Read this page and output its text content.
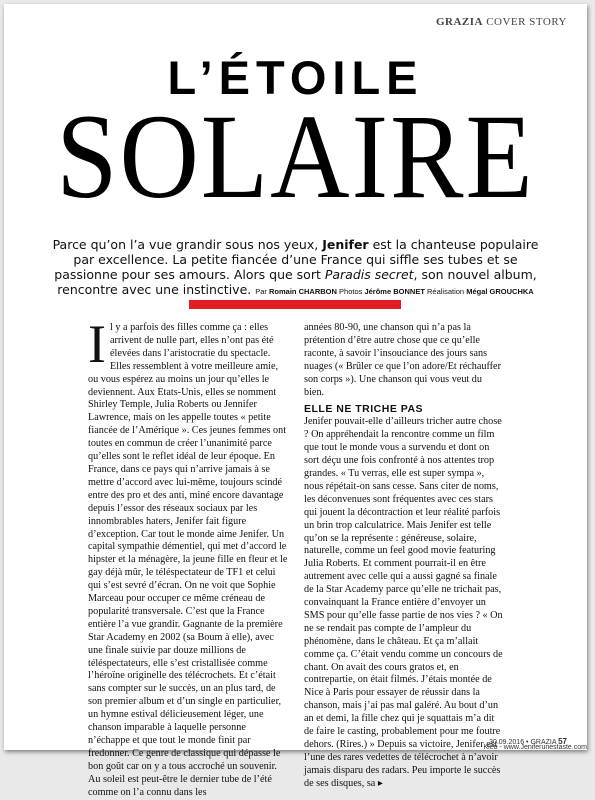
GRAZIA COVER STORY
L’ÉTOILE
SOLAIRE
Parce qu’on l’a vue grandir sous nos yeux, Jenifer est la chanteuse populaire par excellence. La petite fiancée d’une France qui siffle ses tubes et se passionne pour ses amours. Alors que sort Paradis secret, son nouvel album, rencontre avec une instinctive. Par Romain CHARBON Photos Jérôme BONNET Réalisation Mégal GROUCHKA

Il y a parfois des filles comme ça : elles arrivent de nulle part, elles n’ont pas été élevées dans l’aristocratie du spectacle. Elles ressemblent à votre meilleure amie, ou vous espérez au moins un jour qu’elles le deviennent. Aux Etats-Unis, elles se nomment Shirley Temple, Julia Roberts ou Jennifer Lawrence, mais on les appelle toutes « petite fiancée de l’Amérique ». Ces jeunes femmes ont toutes en commun de créer l’unanimité parce qu’elles sont le reflet idéal de leur époque. En France, dans ce pays qui n’arrive jamais à se mettre d’accord avec lui-même, toujours scindé entre des pro et des anti, miné encore davantage depuis l’essor des réseaux sociaux par les innombrables haters, Jenifer fait figure d’exception. Car tout le monde aime Jenifer. Un capital sympathie démentiel, qui met d’accord le hipster et la ménagère, la jeune fille en fleur et le gay déjà mûr, le téléspectateur de TF1 et celui qui s’est sevré d’écran. On ne voit que Sophie Marceau pour occuper ce même créneau de popularité transversale. C’est que la France entière l’a vue grandir. Gagnante de la première Star Academy en 2002 (sa Boum à elle), avec une finale suivie par douze millions de téléspectateurs, elle s’est cristallisée comme l’héroïne originelle des télécrochets. Et c’était sans compter sur le succès, un an plus tard, de son premier album et d’un single en particulier, un hymne estival délicieusement léger, une chanson imparable à laquelle personne n’échappe et que tout le monde finit par fredonner. Ce genre de classique qui dépasse le bon goût car on y a tous accroché un souvenir. Au soleil est peut-être le dernier tube de l’été comme on l’a connu dans les

années 80-90, une chanson qui n’a pas la prétention d’être autre chose que ce qu’elle raconte, à savoir l’insouciance des jours sans nuages (« Brûler ce que l’on adore/Et réchauffer son corps »). Une chanson qui vous veut du bien.

ELLE NE TRICHE PAS

Jenifer pouvait-elle d’ailleurs tricher autre chose ? On appréhendait la rencontre comme un film que tout le monde vous a survendu et dont on sort déçu une fois confronté à nos attentes trop grandes. « Tu verras, elle est super sympa », nous répétait-on sans cesse. Sans citer de noms, les déconvenues sont fréquentes avec ces stars qui jouent la décontraction et leur réalité parfois un brin trop calculatrice. Mais Jenifer est telle qu’on se la représente : généreuse, solaire, naturelle, comme un feel good movie featuring Julia Roberts. Et comment pourrait-il en être autrement avec celle qui a aussi gagné sa finale de la Star Academy parce qu’elle ne trichait pas, convainquant la France entière d’envoyer un SMS pour qu’elle fasse partie de nos vies ? « On ne se rendait pas compte de l’ampleur du phénomène, dans le château. Et ça m’allait comme ça. C’était vendu comme un concours de chant. On avait des cours gratos et, en contrepartie, on était filmés. J’étais montée de Nice à Paris pour essayer de réussir dans la chanson, mais j’ai pas mal galéré. Au bout d’un an et demi, la fille chez qui je squattais m’a dit de faire le casting, probablement pour me foutre dehors. (Rires.) » Depuis sa victoire, Jenifer est l’une des rares vedettes de télécrochet à n’avoir jamais disparu des radars. Peu importe le succès de ses disques, sa ▸

30.09.2016 • GRAZIA 57
Kleo - www.Jeniferunestaste.com
